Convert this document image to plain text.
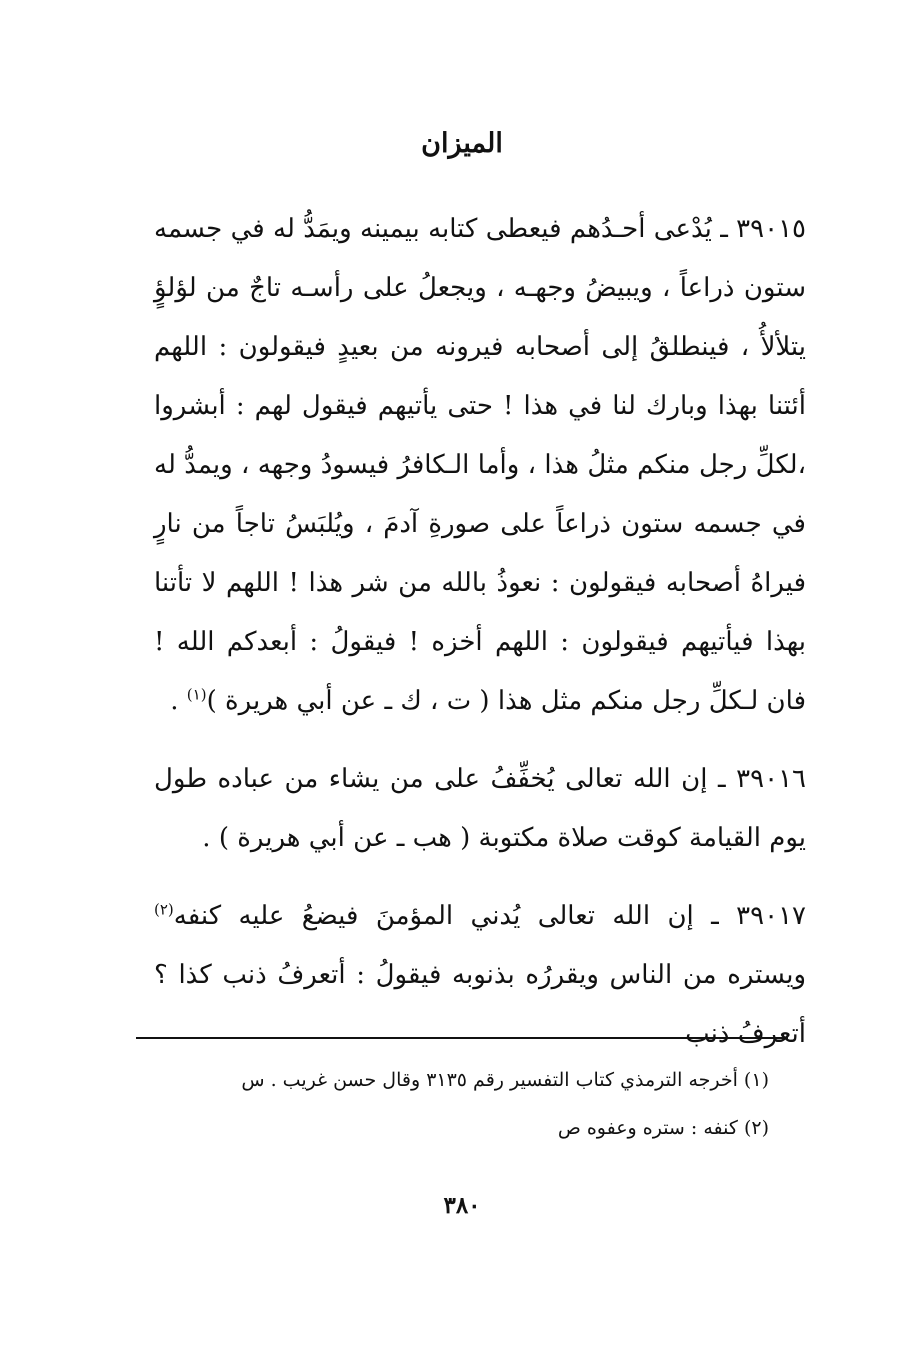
الميزان

٣٩٠١٥ ـ يُدْعى أحـدُهم فيعطى كتابه بيمينه ويمَدُّ له في جسمه ستون ذراعاً ، ويبيضُ وجهـه ، ويجعلُ على رأسـه تاجٌ من لؤلؤٍ يتلألأُ ، فينطلقُ إلى أصحابه فيرونه من بعيدٍ فيقولون : اللهم أئتنا بهذا وبارك لنا في هذا ! حتى يأتيهم فيقول لهم : أبشروا ،لكلِّ رجل منكم مثلُ هذا ، وأما الـكافرُ فيسودُ وجهه ، ويمدُّ له في جسمه ستون ذراعاً على صورةِ آدمَ ، ويُلبَسُ تاجاً من نارٍ فيراهُ أصحابه فيقولون : نعوذُ بالله من شر هذا ! اللهم لا تأتنا بهذا فيأتيهم فيقولون : اللهم أخزه ! فيقولُ : أبعدكم الله ! فان لـكلِّ رجل منكم مثل هذا ( ت ، ك ـ عن أبي هريرة )$^{(١)}$ .

٣٩٠١٦ ـ إن الله تعالى يُخفِّفُ على من يشاء من عباده طول يوم القيامة كوقت صلاة مكتوبة ( هب ـ عن أبي هريرة ) .

٣٩٠١٧ ـ إن الله تعالى يُدني المؤمنَ فيضعُ عليه كنفه$^{(٢)}$ ويستره من الناس ويقررُه بذنوبه فيقولُ : أتعرفُ ذنب كذا ؟ أتعرفُ ذنب

(١) أخرجه الترمذي كتاب التفسير رقم ٣١٣٥ وقال حسن غريب . س

(٢) كنفه : ستره وعفوه ص

٣٨٠
